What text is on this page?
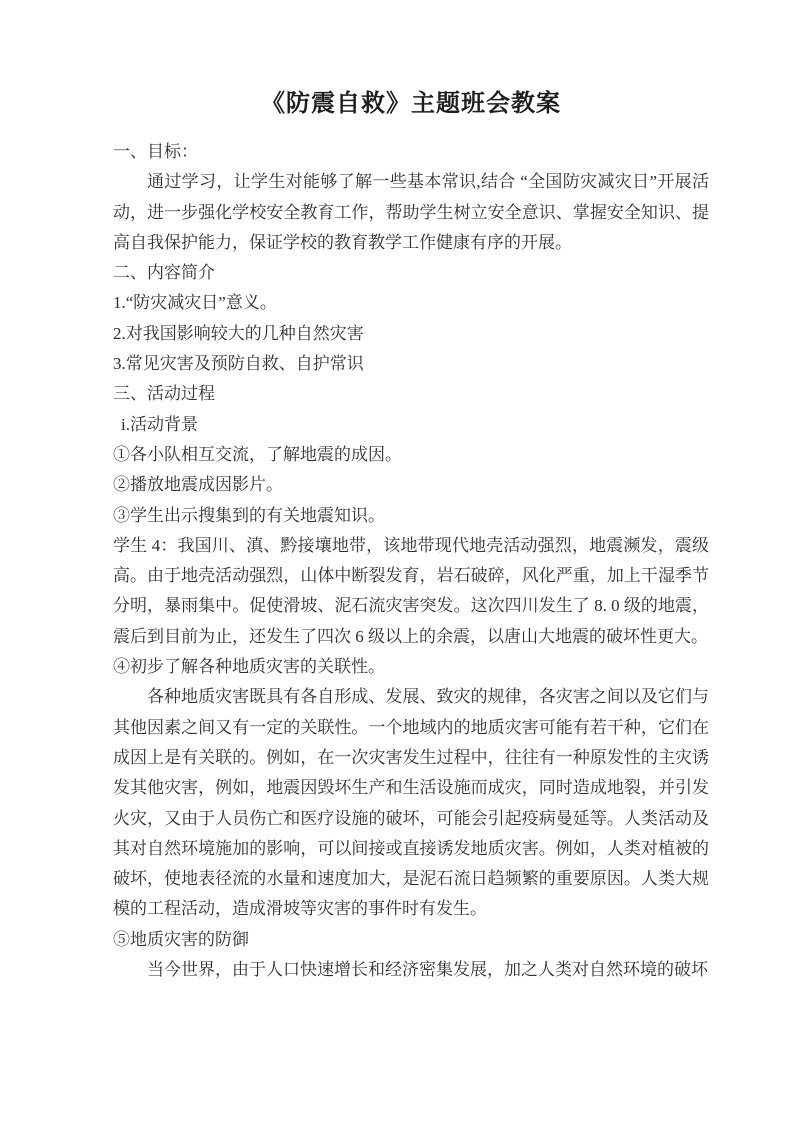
《防震自救》主题班会教案

一、目标：

通过学习，让学生对能够了解一些基本常识,结合 “全国防灾减灾日”开展活动，进一步强化学校安全教育工作，帮助学生树立安全意识、掌握安全知识、提高自我保护能力，保证学校的教育教学工作健康有序的开展。

二、内容简介

1.“防灾减灾日”意义。

2.对我国影响较大的几种自然灾害

3.常见灾害及预防自救、自护常识

三、活动过程

i.活动背景

①各小队相互交流，了解地震的成因。

②播放地震成因影片。

③学生出示搜集到的有关地震知识。

学生 4：我国川、滇、黔接壤地带，该地带现代地壳活动强烈，地震濒发，震级高。由于地壳活动强烈，山体中断裂发育，岩石破碎，风化严重，加上干湿季节分明，暴雨集中。促使滑坡、泥石流灾害突发。这次四川发生了 8. 0 级的地震，震后到目前为止，还发生了四次 6 级以上的余震，以唐山大地震的破坏性更大。

④初步了解各种地质灾害的关联性。

各种地质灾害既具有各自形成、发展、致灾的规律，各灾害之间以及它们与其他因素之间又有一定的关联性。一个地域内的地质灾害可能有若干种，它们在成因上是有关联的。例如，在一次灾害发生过程中，往往有一种原发性的主灾诱发其他灾害，例如，地震因毁坏生产和生活设施而成灾，同时造成地裂，并引发火灾，又由于人员伤亡和医疗设施的破坏，可能会引起疫病曼延等。人类活动及其对自然环境施加的影响，可以间接或直接诱发地质灾害。例如，人类对植被的破坏，使地表径流的水量和速度加大，是泥石流日趋频繁的重要原因。人类大规模的工程活动，造成滑坡等灾害的事件时有发生。

⑤地质灾害的防御

当今世界，由于人口快速增长和经济密集发展，加之人类对自然环境的破坏
